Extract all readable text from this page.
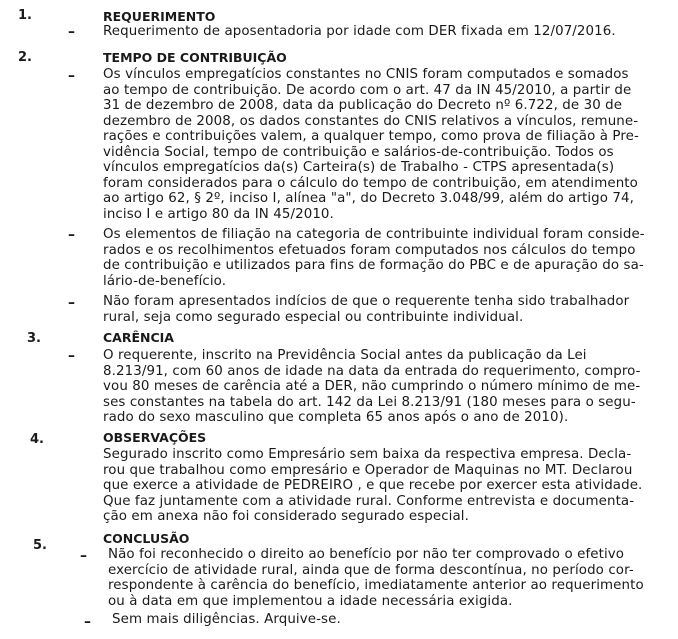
1.	REQUERIMENTO
– Requerimento de aposentadoria por idade com DER fixada em 12/07/2016.
2.	TEMPO DE CONTRIBUIÇÃO
– Os vínculos empregatícios constantes no CNIS foram computados e somados
ao tempo de contribuição. De acordo com o art. 47 da IN 45/2010, a partir de
31 de dezembro de 2008, data da publicação do Decreto nº 6.722, de 30 de
dezembro de 2008, os dados constantes do CNIS relativos a vínculos, remune-
rações e contribuições valem, a qualquer tempo, como prova de filiação à Pre-
vidência Social, tempo de contribuição e salários-de-contribuição. Todos os
vínculos empregatícios da(s) Carteira(s) de Trabalho - CTPS apresentada(s)
foram considerados para o cálculo do tempo de contribuição, em atendimento
ao artigo 62, § 2º, inciso I, alínea "a", do Decreto 3.048/99, além do artigo 74,
inciso I e artigo 80 da IN 45/2010.
– Os elementos de filiação na categoria de contribuinte individual foram conside-
rados e os recolhimentos efetuados foram computados nos cálculos do tempo
de contribuição e utilizados para fins de formação do PBC e de apuração do sa-
lário-de-benefício.
– Não foram apresentados indícios de que o requerente tenha sido trabalhador
rural, seja como segurado especial ou contribuinte individual.
3.	CARÊNCIA
– O requerente, inscrito na Previdência Social antes da publicação da Lei
8.213/91, com 60 anos de idade na data da entrada do requerimento, compro-
vou 80 meses de carência até a DER, não cumprindo o número mínimo de me-
ses constantes na tabela do art. 142 da Lei 8.213/91 (180 meses para o segu-
rado do sexo masculino que completa 65 anos após o ano de 2010).
4.	OBSERVAÇÕES
Segurado inscrito como Empresário sem baixa da respectiva empresa. Decla-
rou que trabalhou como empresário e Operador de Maquinas no MT. Declarou
que exerce a atividade de PEDREIRO , e que recebe por exercer esta atividade.
Que faz juntamente com a atividade rural. Conforme entrevista e documenta-
ção em anexa não foi considerado segurado especial.
5.	CONCLUSÃO
– Não foi reconhecido o direito ao benefício por não ter comprovado o efetivo
exercício de atividade rural, ainda que de forma descontínua, no período cor-
respondente à carência do benefício, imediatamente anterior ao requerimento
ou à data em que implementou a idade necessária exigida.
– Sem mais diligências. Arquive-se.
